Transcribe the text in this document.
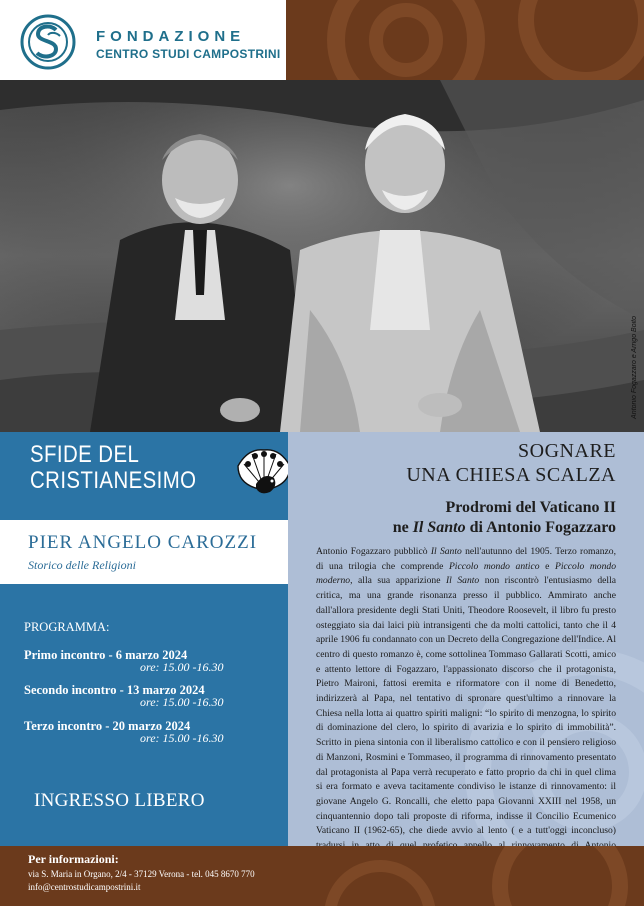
FONDAZIONE
CENTRO STUDI CAMPOSTRINI
Antonio Fogazzaro e Arrigo Boito
SFIDE DEL
CRISTIANESIMO
PIER ANGELO CAROZZI
Storico delle Religioni
PROGRAMMA:
Primo incontro - 6 marzo 2024
ore: 15.00 -16.30
Secondo incontro - 13 marzo 2024
ore: 15.00 -16.30
Terzo incontro - 20 marzo 2024
ore: 15.00 -16.30
INGRESSO LIBERO
SOGNARE
UNA CHIESA SCALZA
Prodromi del Vaticano II
ne Il Santo di Antonio Fogazzaro
Antonio Fogazzaro pubblicò Il Santo nell'autunno del 1905. Terzo romanzo, di una trilogia che comprende Piccolo mondo antico e Piccolo mondo moderno, alla sua apparizione Il Santo non riscontrò l'entusiasmo della critica, ma una grande risonanza presso il pubblico. Ammirato anche dall'allora presidente degli Stati Uniti, Theodore Roosevelt, il libro fu presto osteggiato sia dai laici più intransigenti che da molti cattolici, tanto che il 4 aprile 1906 fu condannato con un Decreto della Congregazione dell'Indice. Al centro di questo romanzo è, come sottolinea Tommaso Gallarati Scotti, amico e attento lettore di Fogazzaro, l'appassionato discorso che il protagonista, Pietro Maironi, fattosi eremita e riformatore con il nome di Benedetto, indirizzerà al Papa, nel tentativo di spronare quest'ultimo a rinnovare la Chiesa nella lotta ai quattro spiriti maligni: “lo spirito di menzogna, lo spirito di dominazione del clero, lo spirito di avarizia e lo spirito di immobilità”. Scritto in piena sintonia con il liberalismo cattolico e con il pensiero religioso di Manzoni, Rosmini e Tommaseo, il programma di rinnovamento presentato dal protagonista al Papa verrà recuperato e fatto proprio da chi in quel clima si era formato e aveva tacitamente condiviso le istanze di rinnovamento: il giovane Angelo G. Roncalli, che eletto papa Giovanni XXIII nel 1958, un cinquantennio dopo tali proposte di riforma, indisse il Concilio Ecumenico Vaticano II (1962-65), che diede avvio al lento ( e a tutt'oggi inconcluso)
Per informazioni:
via S. Maria in Organo, 2/4 - 37129 Verona - tel. 045 8670 770
info@centrostudicampostrini.it
